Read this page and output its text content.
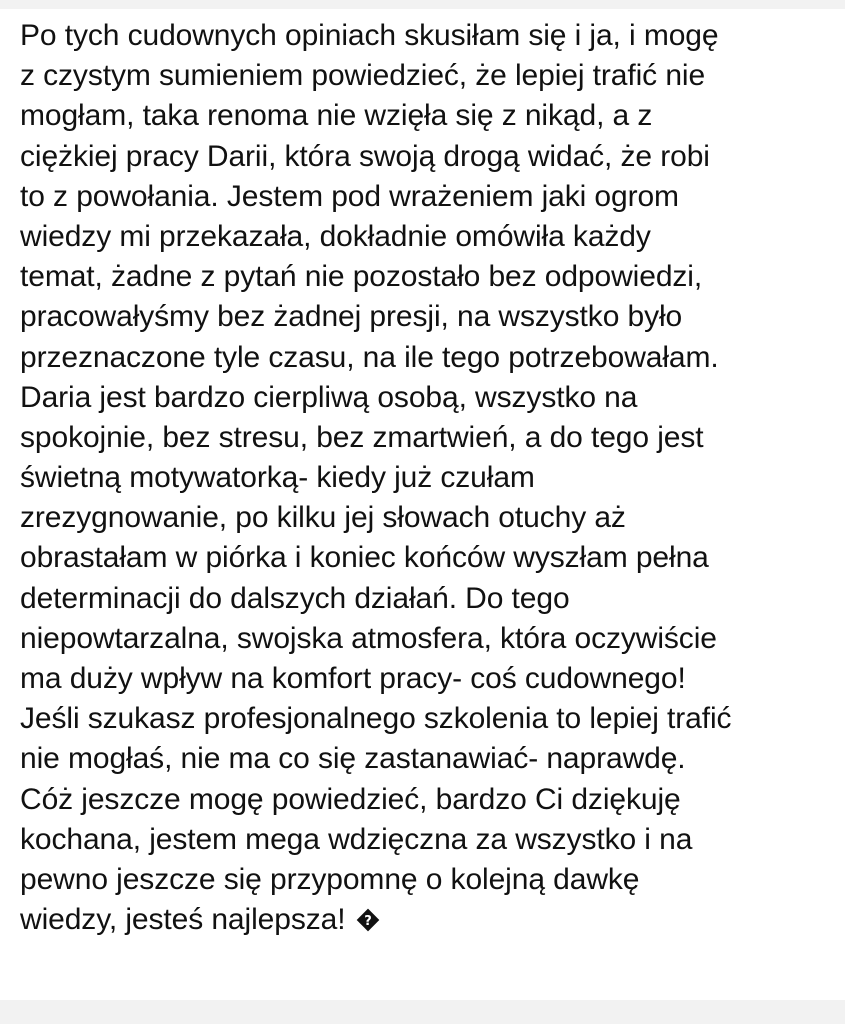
Po tych cudownych opiniach skusiłam się i ja, i mogę
z czystym sumieniem powiedzieć, że lepiej trafić nie
mogłam, taka renoma nie wzięła się z nikąd, a z
ciężkiej pracy Darii, która swoją drogą widać, że robi
to z powołania. Jestem pod wrażeniem jaki ogrom
wiedzy mi przekazała, dokładnie omówiła każdy
temat, żadne z pytań nie pozostało bez odpowiedzi,
pracowałyśmy bez żadnej presji, na wszystko było
przeznaczone tyle czasu, na ile tego potrzebowałam.
Daria jest bardzo cierpliwą osobą, wszystko na
spokojnie, bez stresu, bez zmartwień, a do tego jest
świetną motywatorką- kiedy już czułam
zrezygnowanie, po kilku jej słowach otuchy aż
obrastałam w piórka i koniec końców wyszłam pełna
determinacji do dalszych działań. Do tego
niepowtarzalna, swojska atmosfera, która oczywiście
ma duży wpływ na komfort pracy- coś cudownego!
Jeśli szukasz profesjonalnego szkolenia to lepiej trafić
nie mogłaś, nie ma co się zastanawiać- naprawdę.
Cóż jeszcze mogę powiedzieć, bardzo Ci dziękuję
kochana, jestem mega wdzięczna za wszystko i na
pewno jeszcze się przypomnę o kolejną dawkę
wiedzy, jesteś najlepsza! ?
